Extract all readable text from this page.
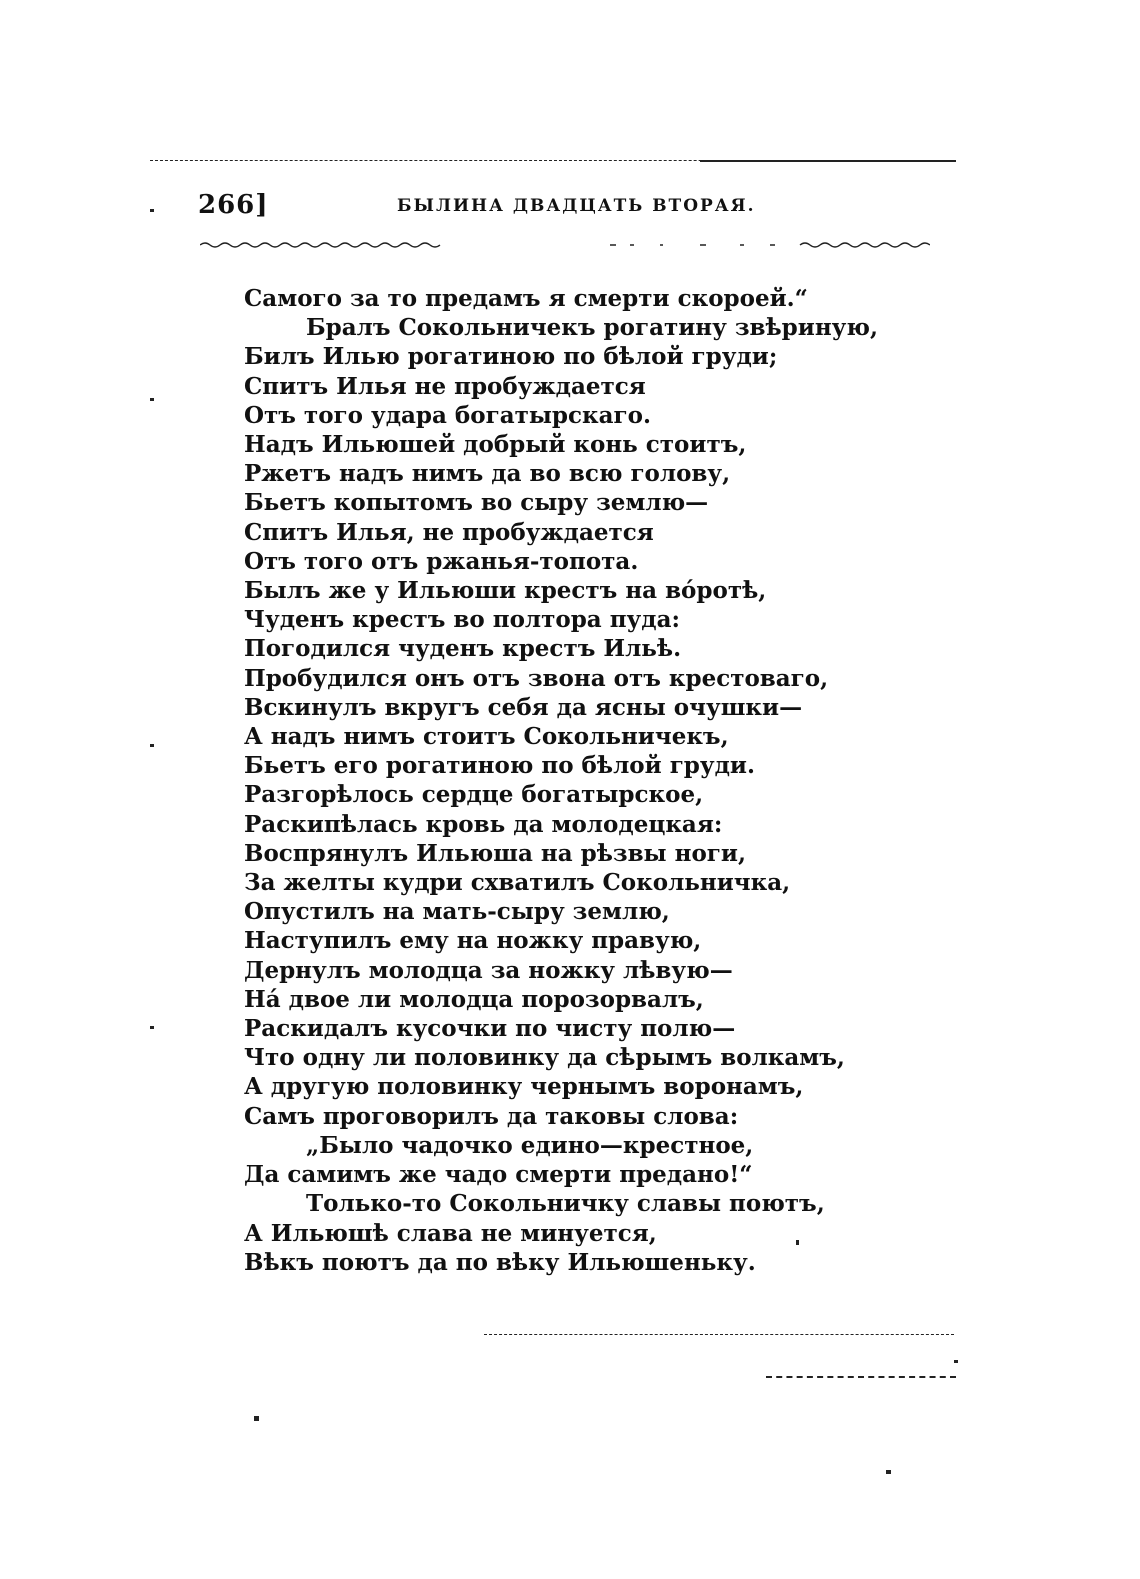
266]	БЫЛИНА ДВАДЦАТЬ ВТОРАЯ.
Самого за то предамъ я смерти скороей.“
Бралъ Сокольничекъ рогатину звѣриную,
Билъ Илью рогатиною по бѣлой груди;
Спитъ Илья не пробуждается
Отъ того удара богатырскаго.
Надъ Ильюшей добрый конь стоитъ,
Ржетъ надъ нимъ да во всю голову,
Бьетъ копытомъ во сыру землю—
Спитъ Илья, не пробуждается
Отъ того отъ ржанья-топота.
Былъ же у Ильюши крестъ на вóротѣ,
Чуденъ крестъ во полтора пуда:
Погодился чуденъ крестъ Ильѣ.
Пробудился онъ отъ звона отъ крестоваго,
Вскинулъ вкругъ себя да ясны очушки—
А надъ нимъ стоитъ Сокольничекъ,
Бьетъ его рогатиною по бѣлой груди.
Разгорѣлось сердце богатырское,
Раскипѣлась кровь да молодецкая:
Воспрянулъ Ильюша на рѣзвы ноги,
За желты кудри схватилъ Сокольничка,
Опустилъ на мать-сыру землю,
Наступилъ ему на ножку правую,
Дернулъ молодца за ножку лѣвую—
На́ двое ли молодца порозорвалъ,
Раскидалъ кусочки по чисту полю—
Что одну ли половинку да сѣрымъ волкамъ,
А другую половинку чернымъ воронамъ,
Самъ проговорилъ да таковы слова:
„Было чадочко едино—крестное,
Да самимъ же чадо смерти предано!“
Только-то Сокольничку славы поютъ,
А Ильюшѣ слава не минуется,
Вѣкъ поютъ да по вѣку Ильюшеньку.
